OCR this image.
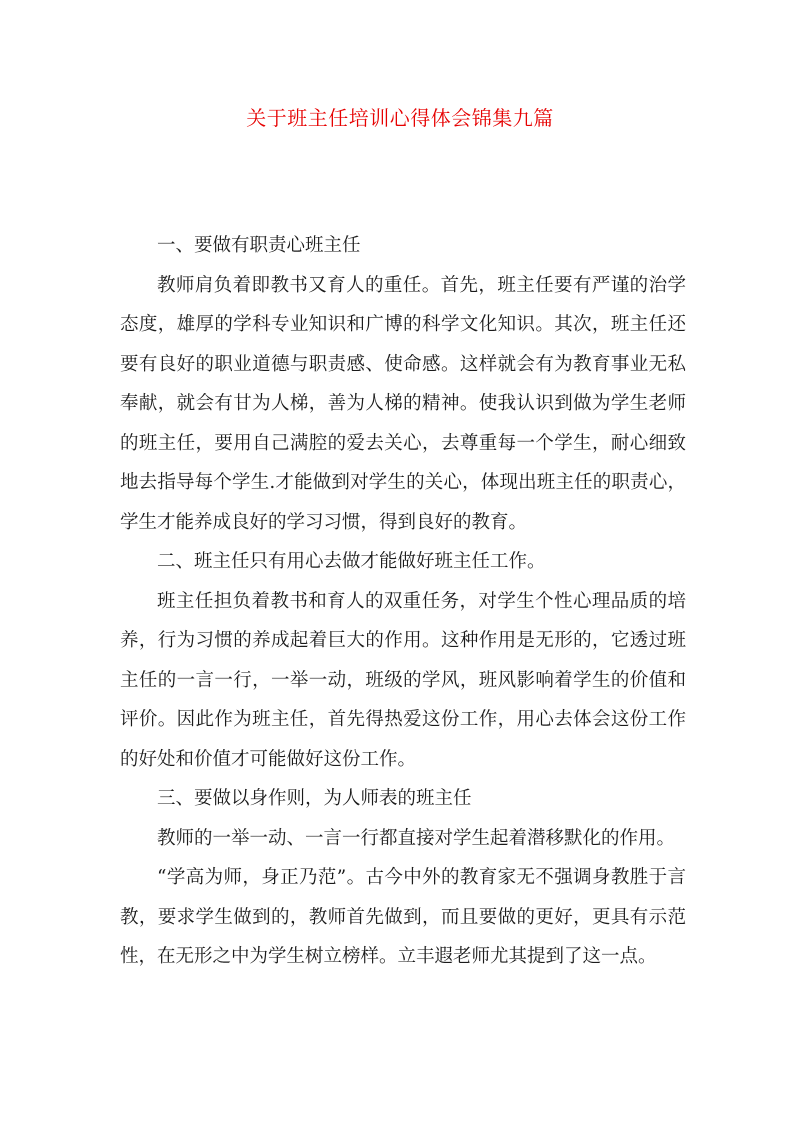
关于班主任培训心得体会锦集九篇

一、要做有职责心班主任

教师肩负着即教书又育人的重任。首先，班主任要有严谨的治学态度，雄厚的学科专业知识和广博的科学文化知识。其次，班主任还要有良好的职业道德与职责感、使命感。这样就会有为教育事业无私奉献，就会有甘为人梯，善为人梯的精神。使我认识到做为学生老师的班主任，要用自己满腔的爱去关心，去尊重每一个学生，耐心细致地去指导每个学生.才能做到对学生的关心，体现出班主任的职责心，学生才能养成良好的学习习惯，得到良好的教育。

二、班主任只有用心去做才能做好班主任工作。

班主任担负着教书和育人的双重任务，对学生个性心理品质的培养，行为习惯的养成起着巨大的作用。这种作用是无形的，它透过班主任的一言一行，一举一动，班级的学风，班风影响着学生的价值和评价。因此作为班主任，首先得热爱这份工作，用心去体会这份工作的好处和价值才可能做好这份工作。

三、要做以身作则，为人师表的班主任

教师的一举一动、一言一行都直接对学生起着潜移默化的作用。

“学高为师，身正乃范”。古今中外的教育家无不强调身教胜于言教，要求学生做到的，教师首先做到，而且要做的更好，更具有示范性，在无形之中为学生树立榜样。立丰遐老师尤其提到了这一点。
